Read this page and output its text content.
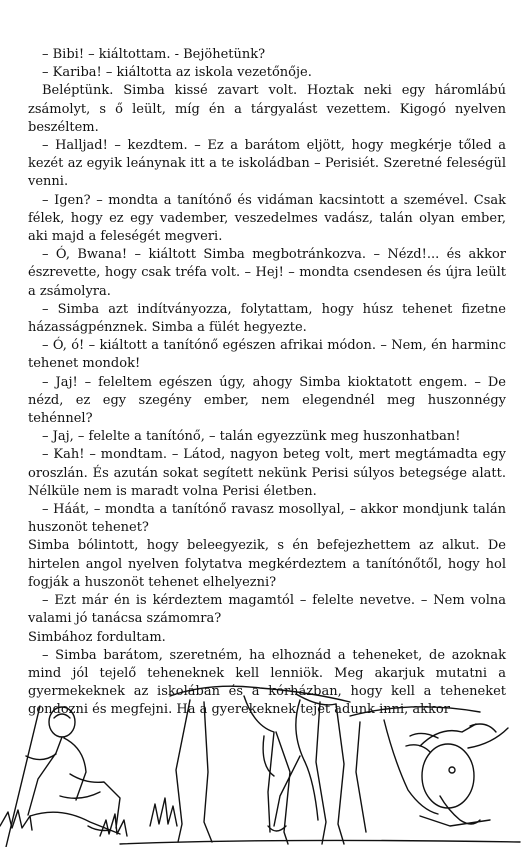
– Bibi! – kiáltottam. - Bejöhetünk?

– Kariba! – kiáltotta az iskola vezetőnője.

Beléptünk. Simba kissé zavart volt. Hoztak neki egy háromlábú zsámolyt, s ő leült, míg én a tárgyalást vezettem. Kigogó nyelven beszéltem.

– Halljad! – kezdtem. – Ez a barátom eljött, hogy megkérje tőled a kezét az egyik leánynak itt a te iskoládban – Perisiét. Szeretné feleségül venni.

– Igen? – mondta a tanítónő és vidáman kacsintott a szemével. Csak félek, hogy ez egy vadember, veszedelmes vadász, talán olyan ember, aki majd a feleségét megveri.

– Ó, Bwana! – kiáltott Simba megbotránkozva. – Nézd!... és akkor észrevette, hogy csak tréfa volt. – Hej! – mondta csendesen és újra leült a zsámolyra.

– Simba azt indítványozza, folytattam, hogy húsz tehenet fizetne házasságpénznek. Simba a fülét hegyezte.

– Ó, ó! – kiáltott a tanítónő egészen afrikai módon. – Nem, én harminc tehenet mondok!

– Jaj! – feleltem egészen úgy, ahogy Simba kioktatott engem. – De nézd, ez egy szegény ember, nem elegendnél meg huszonnégy tehénnel?

– Jaj, – felelte a tanítónő, – talán egyezzünk meg huszonhatban!

– Kah! – mondtam. – Látod, nagyon beteg volt, mert megtámadta egy oroszlán. És azután sokat segített nekünk Perisi súlyos betegsége alatt. Nélküle nem is maradt volna Perisi életben.

– Háát, – mondta a tanítónő ravasz mosollyal, – akkor mondjunk talán huszonöt tehenet?

Simba bólintott, hogy beleegyezik, s én befejezhettem az alkut. De hirtelen angol nyelven folytatva megkérdeztem a tanítónőtől, hogy hol fogják a huszonöt tehenet elhelyezni?

– Ezt már én is kérdeztem magamtól – felelte nevetve. – Nem volna valami jó tanácsa számomra?

Simbához fordultam.

– Simba barátom, szeretném, ha elhoznád a teheneket, de azoknak mind jól tejelő teheneknek kell lenniök. Meg akarjuk mutatni a gyermekeknek az iskolában és a kórházban, hogy kell a teheneket gondozni és megfejni. Ha a gyerekeknek tejet adunk inni, akkor
